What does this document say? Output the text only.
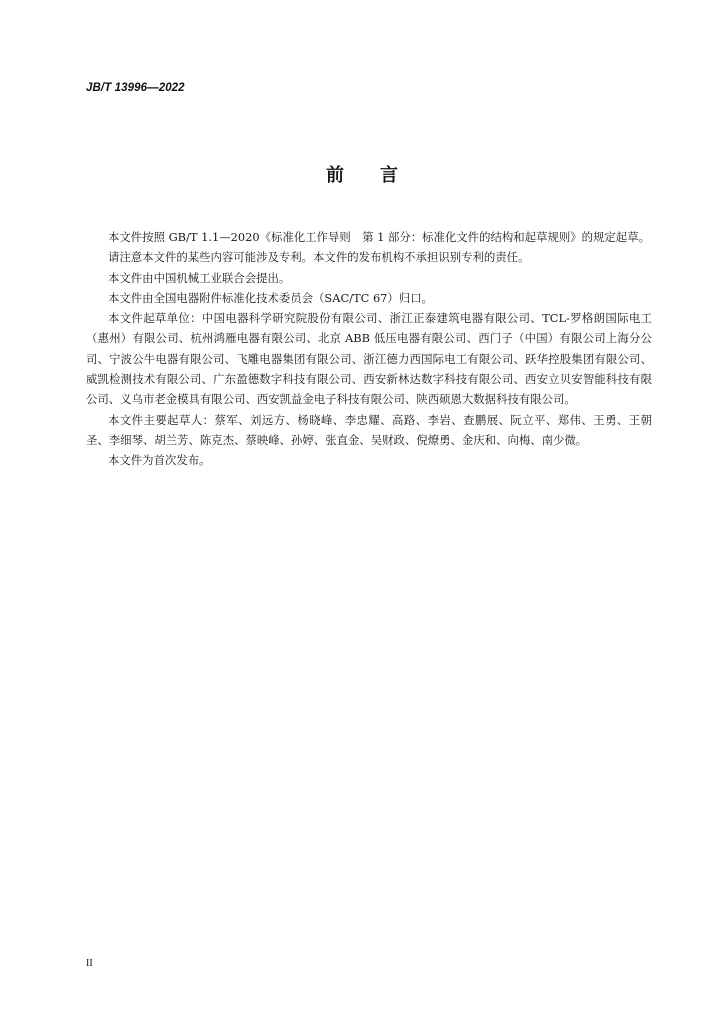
JB/T 13996—2022
前 言

本文件按照 GB/T 1.1—2020《标准化工作导则　第 1 部分：标准化文件的结构和起草规则》的规定起草。

请注意本文件的某些内容可能涉及专利。本文件的发布机构不承担识别专利的责任。

本文件由中国机械工业联合会提出。

本文件由全国电器附件标准化技术委员会（SAC/TC 67）归口。

本文件起草单位：中国电器科学研究院股份有限公司、浙江正泰建筑电器有限公司、TCL-罗格朗国际电工（惠州）有限公司、杭州鸿雁电器有限公司、北京 ABB 低压电器有限公司、西门子（中国）有限公司上海分公司、宁波公牛电器有限公司、飞雕电器集团有限公司、浙江德力西国际电工有限公司、跃华控股集团有限公司、威凯检测技术有限公司、广东盈德数字科技有限公司、西安新林达数字科技有限公司、西安立贝安智能科技有限公司、义乌市老金模具有限公司、西安凯益金电子科技有限公司、陕西硕恩大数据科技有限公司。

本文件主要起草人：蔡军、刘远方、杨晓峰、李忠耀、高路、李岩、查鹏展、阮立平、郑伟、王勇、王朝圣、李细琴、胡兰芳、陈克杰、蔡映峰、孙婷、张直金、吴财政、倪燎勇、金庆和、向梅、南少微。

本文件为首次发布。

II
